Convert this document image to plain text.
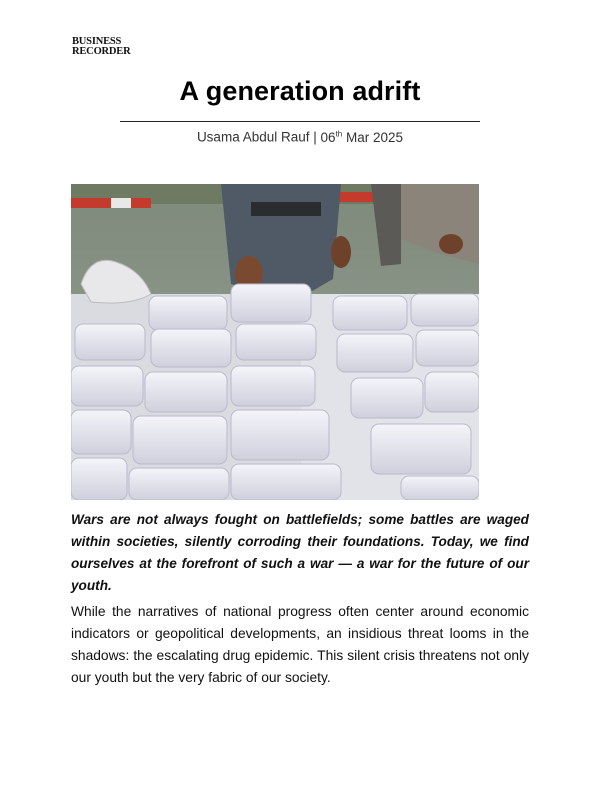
BUSINESS
RECORDER
A generation adrift
Usama Abdul Rauf | 06th Mar 2025
Wars are not always fought on battlefields; some battles are waged within societies, silently corroding their foundations. Today, we find ourselves at the forefront of such a war — a war for the future of our youth.
While the narratives of national progress often center around economic indicators or geopolitical developments, an insidious threat looms in the shadows: the escalating drug epidemic. This silent crisis threatens not only our youth but the very fabric of our society.
